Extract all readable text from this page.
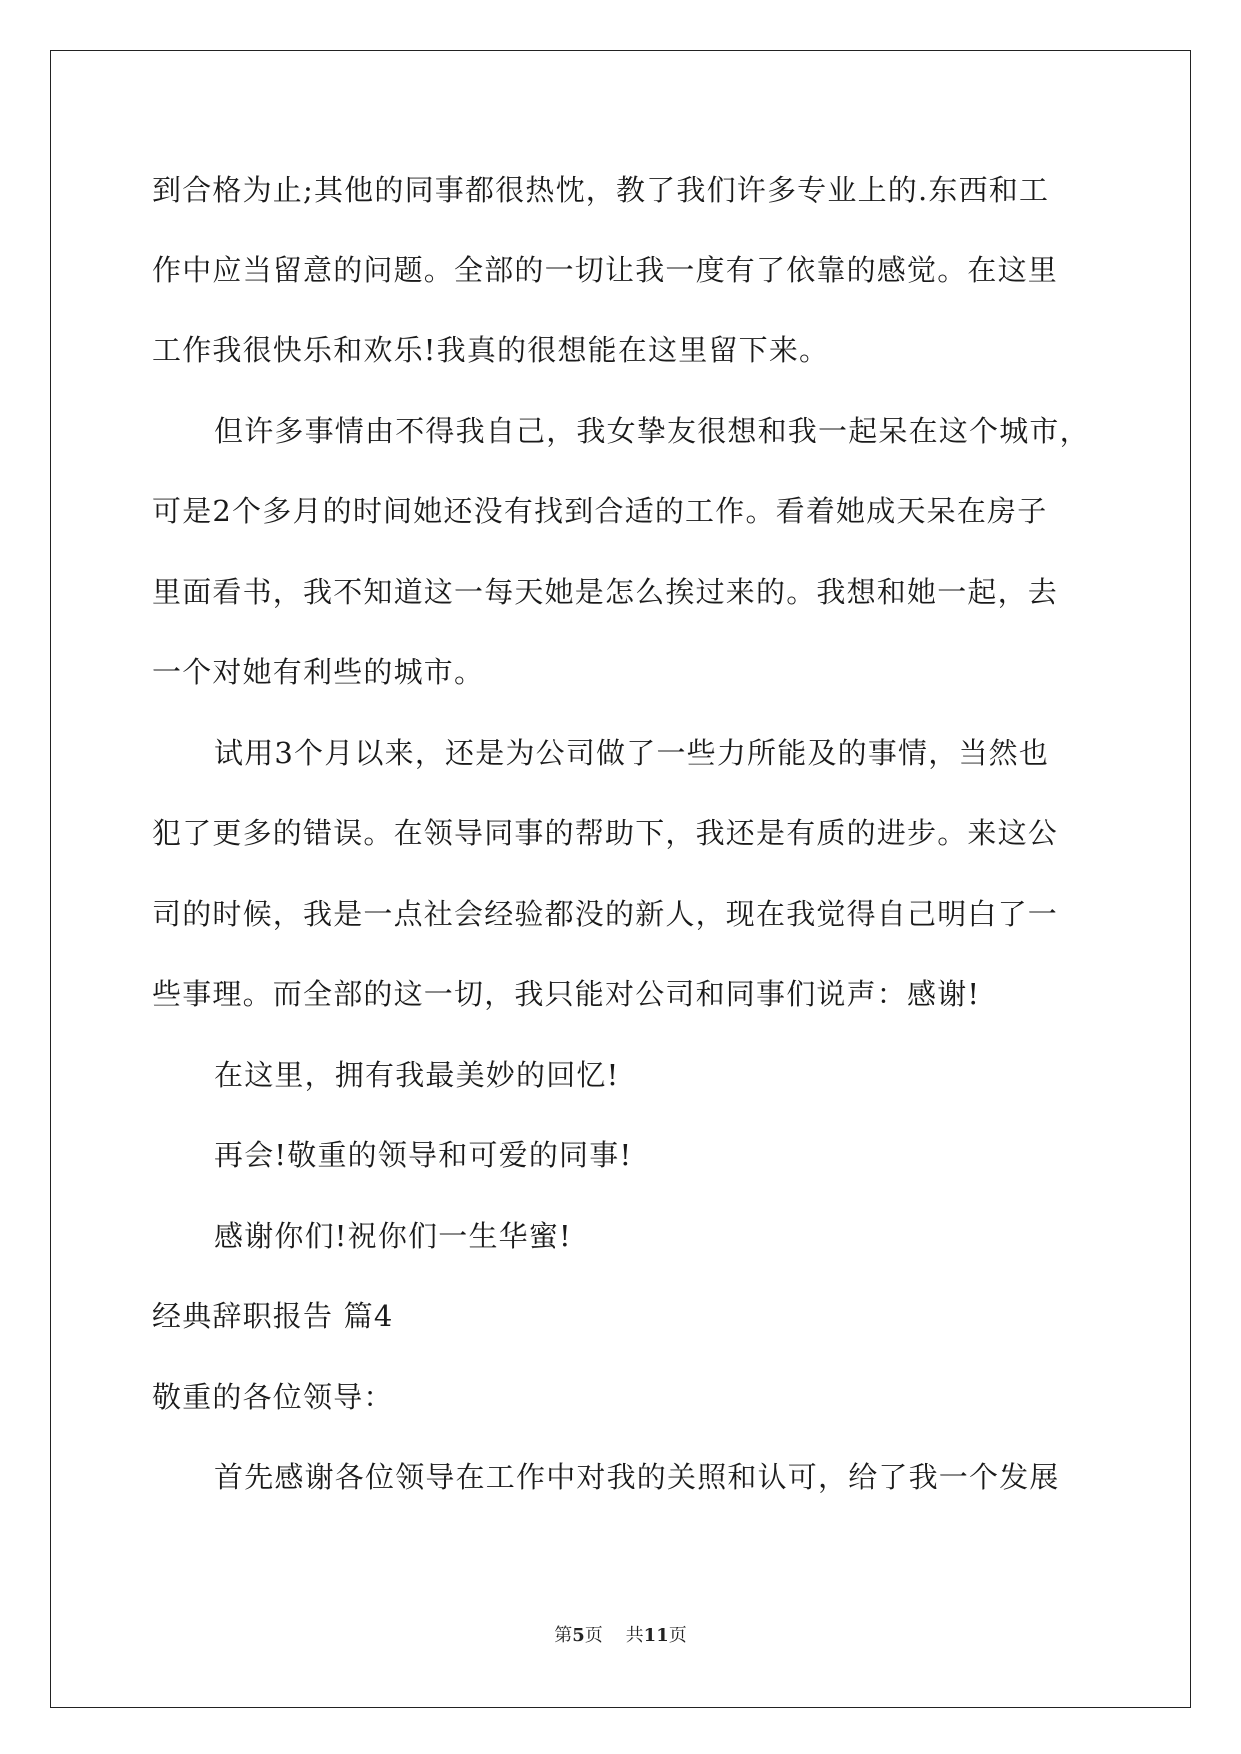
到合格为止;其他的同事都很热忱，教了我们许多专业上的.东西和工
作中应当留意的问题。全部的一切让我一度有了依靠的感觉。在这里
工作我很快乐和欢乐!我真的很想能在这里留下来。
但许多事情由不得我自己，我女挚友很想和我一起呆在这个城市，
可是2个多月的时间她还没有找到合适的工作。看着她成天呆在房子
里面看书，我不知道这一每天她是怎么挨过来的。我想和她一起，去
一个对她有利些的城市。
试用3个月以来，还是为公司做了一些力所能及的事情，当然也
犯了更多的错误。在领导同事的帮助下，我还是有质的进步。来这公
司的时候，我是一点社会经验都没的新人，现在我觉得自己明白了一
些事理。而全部的这一切，我只能对公司和同事们说声：感谢!
在这里，拥有我最美妙的回忆!
再会!敬重的领导和可爱的同事!
感谢你们!祝你们一生华蜜!
经典辞职报告 篇4
敬重的各位领导：
首先感谢各位领导在工作中对我的关照和认可，给了我一个发展
第5页 共11页
